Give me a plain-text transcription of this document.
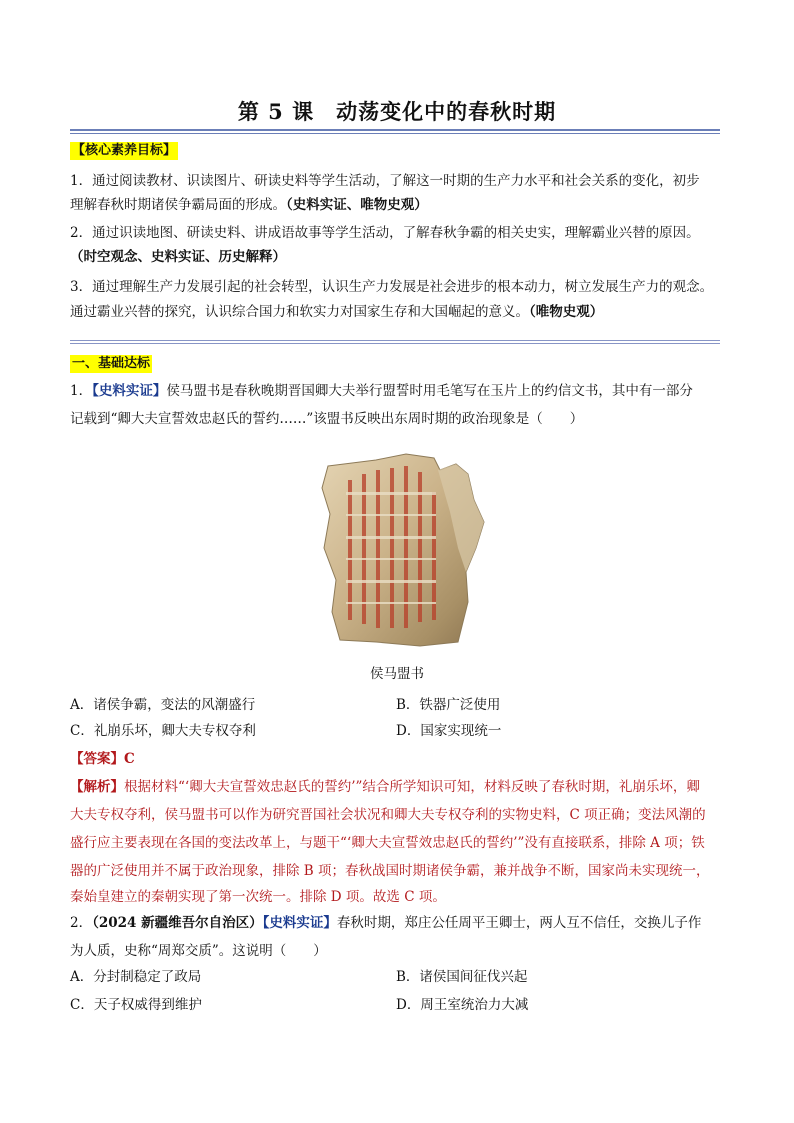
第 5 课　动荡变化中的春秋时期
【核心素养目标】
1．通过阅读教材、识读图片、研读史料等学生活动，了解这一时期的生产力水平和社会关系的变化，初步
理解春秋时期诸侯争霸局面的形成。（史料实证、唯物史观）
2．通过识读地图、研读史料、讲成语故事等学生活动，了解春秋争霸的相关史实，理解霸业兴替的原因。
（时空观念、史料实证、历史解释）
3．通过理解生产力发展引起的社会转型，认识生产力发展是社会进步的根本动力，树立发展生产力的观念。
通过霸业兴替的探究，认识综合国力和软实力对国家生存和大国崛起的意义。（唯物史观）
一、基础达标
1．【史料实证】侯马盟书是春秋晚期晋国卿大夫举行盟誓时用毛笔写在玉片上的约信文书，其中有一部分
记载到“卿大夫宣誓效忠赵氏的誓约……”该盟书反映出东周时期的政治现象是（　　）
侯马盟书
A．诸侯争霸，变法的风潮盛行	B．铁器广泛使用
C．礼崩乐坏，卿大夫专权夺利	D．国家实现统一
【答案】C
【解析】根据材料“‘卿大夫宣誓效忠赵氏的誓约’”结合所学知识可知，材料反映了春秋时期，礼崩乐坏，卿
大夫专权夺利，侯马盟书可以作为研究晋国社会状况和卿大夫专权夺利的实物史料，C 项正确；变法风潮的
盛行应主要表现在各国的变法改革上，与题干“‘卿大夫宣誓效忠赵氏的誓约’”没有直接联系，排除 A 项；铁
器的广泛使用并不属于政治现象，排除 B 项；春秋战国时期诸侯争霸，兼并战争不断，国家尚未实现统一，
秦始皇建立的秦朝实现了第一次统一。排除 D 项。故选 C 项。
2．（2024 新疆维吾尔自治区）【史料实证】春秋时期，郑庄公任周平王卿士，两人互不信任，交换儿子作
为人质，史称“周郑交质”。这说明（　　）
A．分封制稳定了政局	B．诸侯国间征伐兴起
C．天子权威得到维护	D．周王室统治力大减
